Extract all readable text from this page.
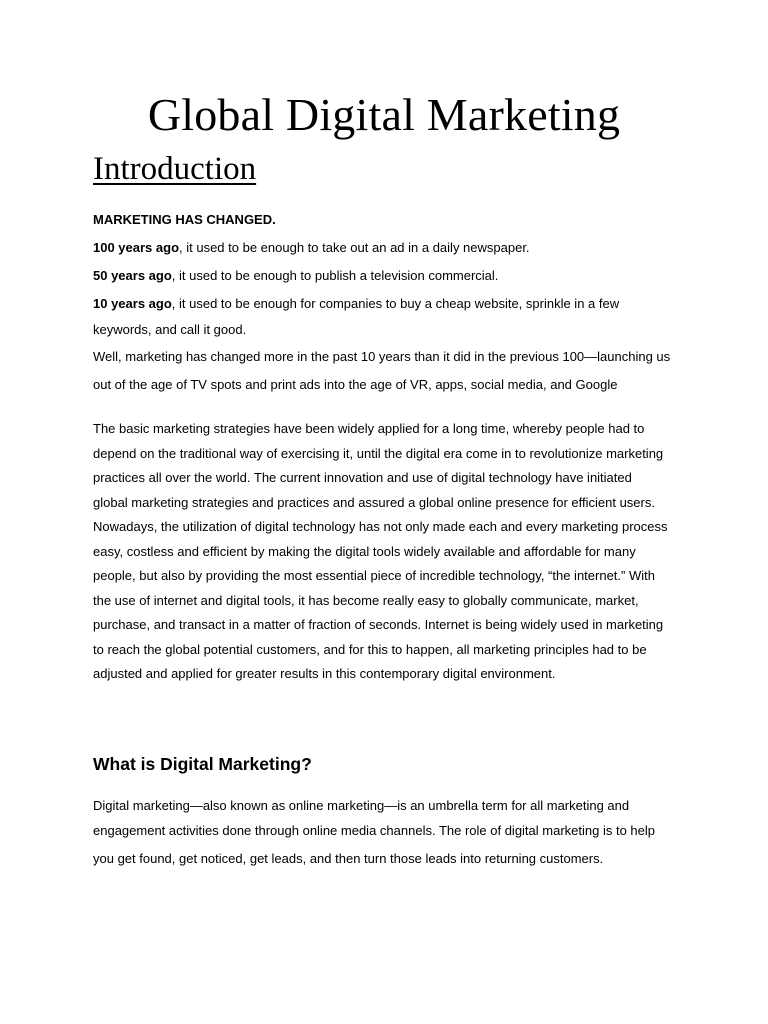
Global Digital Marketing
Introduction
MARKETING HAS CHANGED.
100 years ago, it used to be enough to take out an ad in a daily newspaper.
50 years ago, it used to be enough to publish a television commercial.
10 years ago, it used to be enough for companies to buy a cheap website, sprinkle in a few
keywords, and call it good.
Well, marketing has changed more in the past 10 years than it did in the previous 100—launching us
out of the age of TV spots and print ads into the age of VR, apps, social media, and Google
The basic marketing strategies have been widely applied for a long time, whereby people had to
depend on the traditional way of exercising it, until the digital era come in to revolutionize marketing
practices all over the world. The current innovation and use of digital technology have initiated
global marketing strategies and practices and assured a global online presence for efficient users.
Nowadays, the utilization of digital technology has not only made each and every marketing process
easy, costless and efficient by making the digital tools widely available and affordable for many
people, but also by providing the most essential piece of incredible technology, “the internet.” With
the use of internet and digital tools, it has become really easy to globally communicate, market,
purchase, and transact in a matter of fraction of seconds. Internet is being widely used in marketing
to reach the global potential customers, and for this to happen, all marketing principles had to be
adjusted and applied for greater results in this contemporary digital environment.
What is Digital Marketing?
Digital marketing—also known as online marketing—is an umbrella term for all marketing and
engagement activities done through online media channels. The role of digital marketing is to help
you get found, get noticed, get leads, and then turn those leads into returning customers.
